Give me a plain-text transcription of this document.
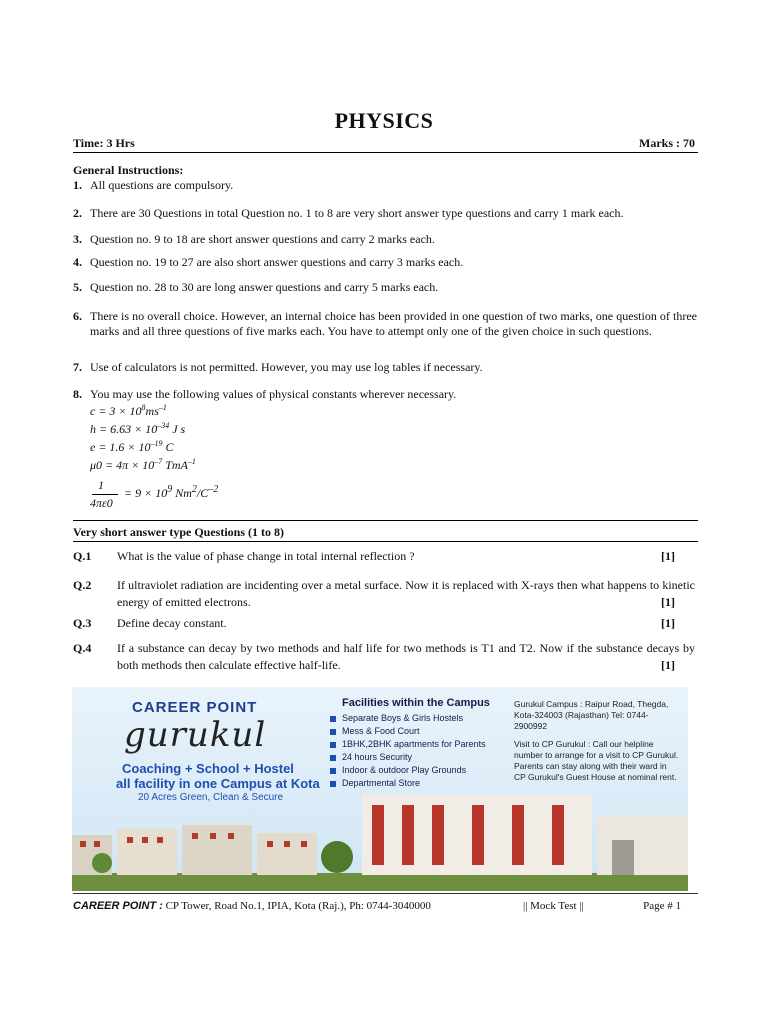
PHYSICS
Time: 3 Hrs	Marks : 70
General Instructions:
1. All questions are compulsory.
2. There are 30 Questions in total Question no. 1 to 8 are very short answer type questions and carry 1 mark each.
3. Question no. 9 to 18 are short answer questions and carry 2 marks each.
4. Question no. 19 to 27 are also short answer questions and carry 3 marks each.
5. Question no. 28 to 30 are long answer questions and carry 5 marks each.
6. There is no overall choice. However, an internal choice has been provided in one question of two marks, one question of three marks and all three questions of five marks each. You have to attempt only one of the given choice in such questions.
7. Use of calculators is not permitted. However, you may use log tables if necessary.
8. You may use the following values of physical constants wherever necessary.
$c = 3 \times 10^8ms^{-1}$
$h = 6.63 \times 10^{-34}$ J s
$e = 1.6 \times 10^{-19}$ C
$\mu 0 = 4\pi \times 10^{-7}$ TmA$^{-1}$
1
4πε0
= $9 \times 10^9$ $Nm^2/C^{-2}$
Very short answer type Questions (1 to 8)
Q.1 What is the value of phase change in total internal reflection ?	[1]
Q.2 If ultraviolet radiation are incidenting over a metal surface. Now it is replaced with X-rays then what happens to kinetic energy of emitted electrons.	[1]
Q.3 Define decay constant.	[1]
Q.4 If a substance can decay by two methods and half life for two methods is T1 and T2. Now if the substance decays by both methods then calculate effective half-life.	[1]
CAREER POINT
gurukul
Coaching + School + Hostel
all facility in one Campus at Kota
20 Acres Green, Clean & Secure
Facilities within the Campus
Separate Boys & Girls Hostels
Mess & Food Court
1BHK,2BHK apartments for Parents
24 hours Security
Indoor & outdoor Play Grounds
Departmental Store
Gurukul Campus : Raipur Road, Thegda, Kota-324003 (Rajasthan) Tel: 0744-2900992
Visit to CP Gurukul : Call our helpline number to arrange for a visit to CP Gurukul. Parents can stay along with their ward in CP Gurukul's Guest House at nominal rent.
CAREER POINT : CP Tower, Road No.1, IPIA, Kota (Raj.), Ph: 0744-3040000	|| Mock Test ||	Page # 1
